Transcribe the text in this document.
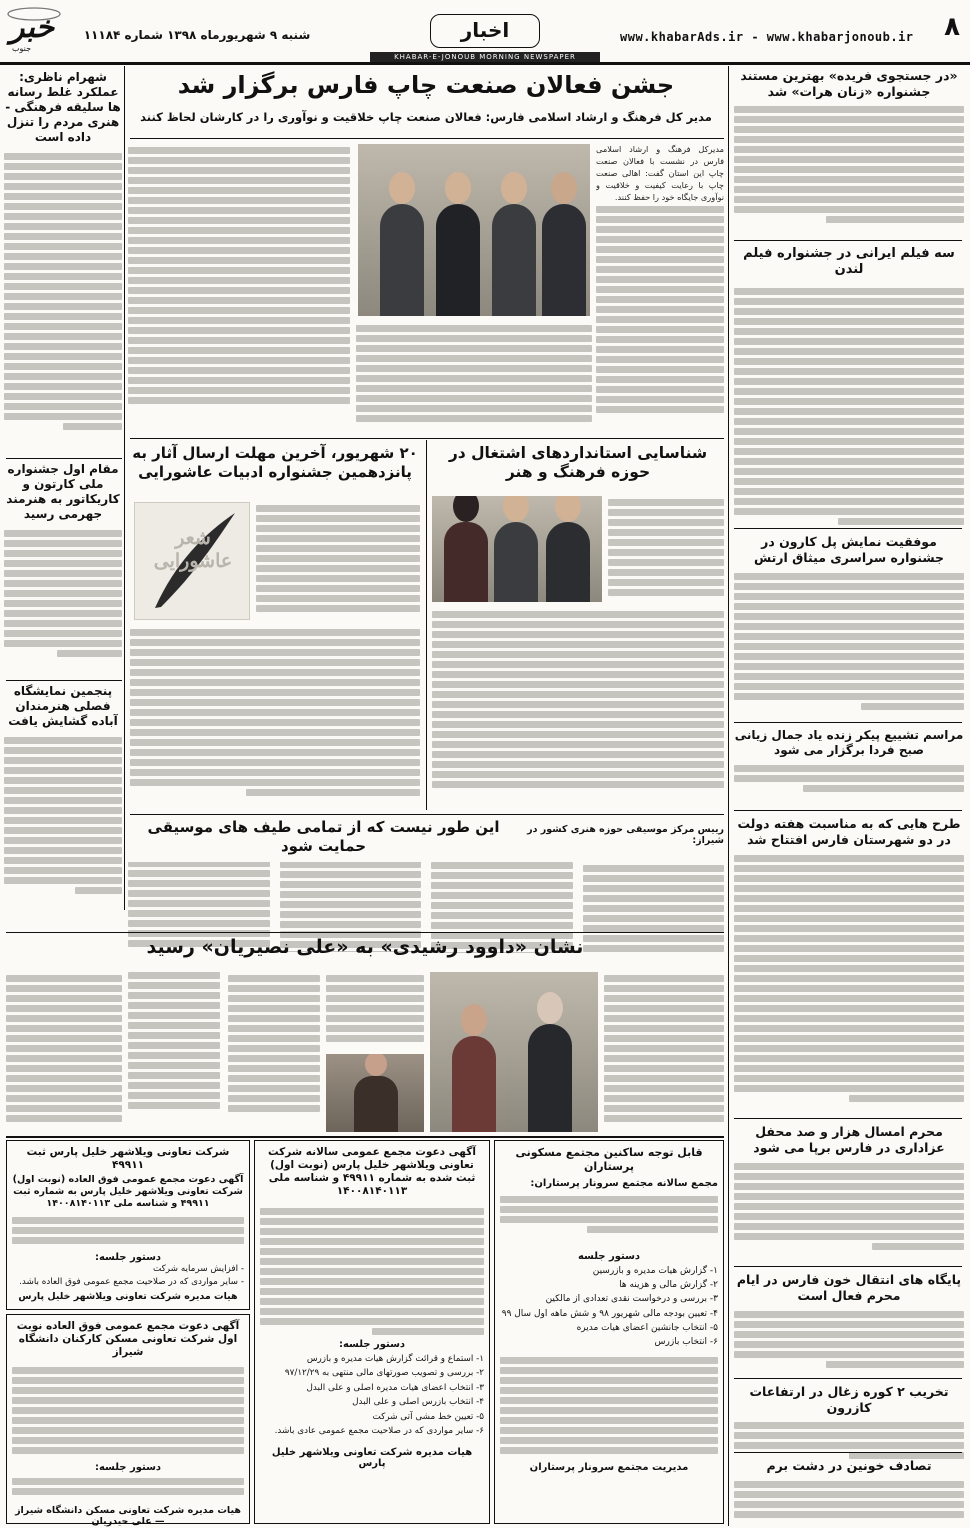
خبر
جنوب
شنبه ۹ شهریورماه ۱۳۹۸ شماره ۱۱۱۸۴	اخبار	www.khabarAds.ir - www.khabarjonoub.ir	۸
KHABAR-E-JONOUB MORNING NEWSPAPER
«در جستجوی فریده» بهترین مستند جشنواره «زنان هرات» شد
سه فیلم ایرانی در جشنواره فیلم لندن
موفقیت نمایش پل کارون در جشنواره سراسری میثاق ارتش
مراسم تشییع پیکر زنده یاد جمال زیانی صبح فردا برگزار می شود
طرح هایی که به مناسبت هفته دولت در دو شهرستان فارس افتتاح شد
محرم امسال هزار و صد محفل عزاداری در فارس برپا می شود
پایگاه های انتقال خون فارس در ایام محرم فعال است
تخریب ۲ کوره زغال در ارتفاعات کازرون
تصادف خونین در دشت برم
شهرام ناظری: عملکرد غلط رسانه ها سلیقه فرهنگی - هنری مردم را تنزل داده است
مقام اول جشنواره ملی کارتون و کاریکاتور به هنرمند جهرمی رسید
پنجمین نمایشگاه فصلی هنرمندان آباده گشایش یافت
جشن فعالان صنعت چاپ فارس برگزار شد
مدیر کل فرهنگ و ارشاد اسلامی فارس: فعالان صنعت چاپ خلاقیت و نوآوری را در کارشان لحاظ کنند
مدیرکل فرهنگ و ارشاد اسلامی فارس در نشست با فعالان صنعت چاپ این استان گفت: اهالی صنعت چاپ با رعایت کیفیت و خلاقیت و نوآوری جایگاه خود را حفظ کنند.
شناسایی استانداردهای اشتغال در حوزه فرهنگ و هنر
۲۰ شهریور، آخرین مهلت ارسال آثار به پانزدهمین جشنواره ادبیات عاشورایی
شعر عاشورایی
رییس مرکز موسیقی حوزه هنری کشور در شیراز:
این طور نیست که از تمامی طیف های موسیقی حمایت شود
نشان «داوود رشیدی» به «علی نصیریان» رسید
قابل توجه ساکنین مجتمع مسکونی پرستاران
مجمع سالانه مجتمع سرونار پرستاران:
دستور جلسه
۱- گزارش هیات مدیره و بازرسین
۲- گزارش مالی و هزینه ها
۳- بررسی و درخواست نقدی تعدادی از مالکین
۴- تعیین بودجه مالی شهریور ۹۸ و شش ماهه اول سال ۹۹
۵- انتخاب جانشین اعضای هیات مدیره
۶- انتخاب بازرس
مدیریت مجتمع سرونار پرستاران
آگهی دعوت مجمع عمومی سالانه شرکت تعاونی ویلاشهر خلیل پارس (نوبت اول) ثبت شده به شماره ۴۹۹۱۱ و شناسه ملی ۱۴۰۰۸۱۴۰۱۱۳
دستور جلسه:
۱- استماع و قرائت گزارش هیات مدیره و بازرس
۲- بررسی و تصویب صورتهای مالی منتهی به ۹۷/۱۲/۲۹
۳- انتخاب اعضای هیات مدیره اصلی و علی البدل
۴- انتخاب بازرس اصلی و علی البدل
۵- تعیین خط مشی آتی شرکت
۶- سایر مواردی که در صلاحیت مجمع عمومی عادی باشد.
هیات مدیره شرکت تعاونی ویلاشهر خلیل پارس
شرکت تعاونی ویلاشهر خلیل پارس ثبت ۴۹۹۱۱
آگهی دعوت مجمع عمومی فوق العاده (نوبت اول) شرکت تعاونی ویلاشهر خلیل پارس به شماره ثبت ۴۹۹۱۱ و شناسه ملی ۱۴۰۰۸۱۴۰۱۱۳
دستور جلسه:
- افزایش سرمایه شرکت
- سایر مواردی که در صلاحیت مجمع عمومی فوق العاده باشد.
هیات مدیره شرکت تعاونی ویلاشهر خلیل پارس
آگهی دعوت مجمع عمومی فوق العاده نوبت اول شرکت تعاونی مسکن کارکنان دانشگاه شیراز
دستور جلسه:
هیات مدیره شرکت تعاونی مسکن دانشگاه شیراز — علی حیدریان
